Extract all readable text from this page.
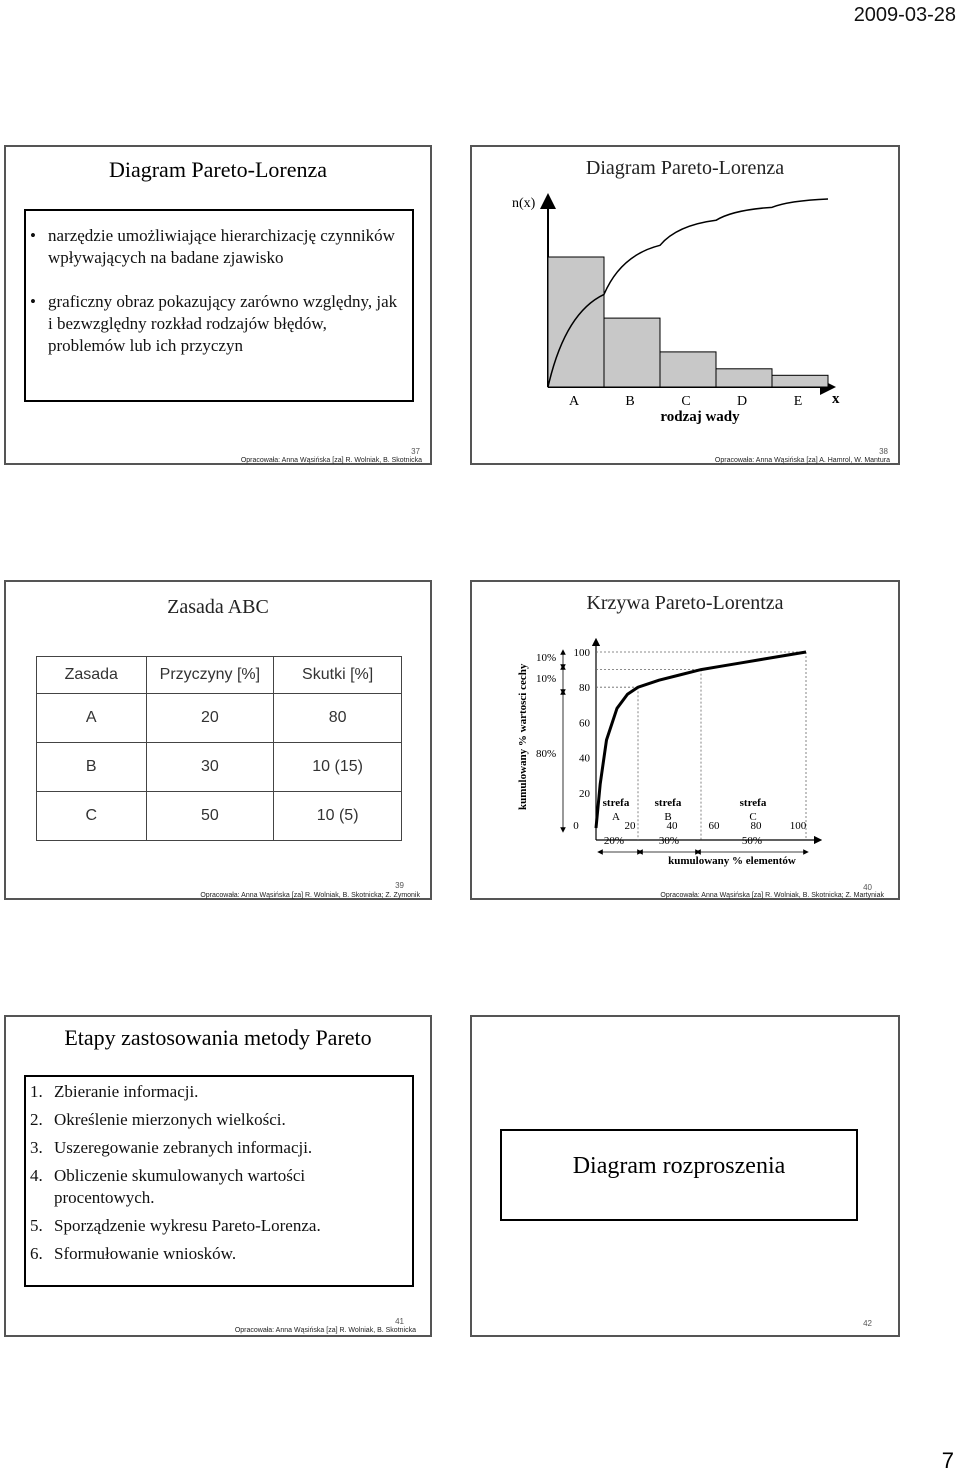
2009-03-28
Diagram Pareto-Lorenza
• narzędzie umożliwiające hierarchizację czynników wpływających na badane zjawisko
• graficzny obraz pokazujący zarówno względny, jak i bezwzględny rozkład rodzajów błędów, problemów lub ich przyczyn
37
Opracowała: Anna Wąsińska [za] R. Wolniak, B. Skotnicka
Diagram Pareto-Lorenza
A	B	C	D	E
n(x)
x
rodzaj wady
38
Opracowała: Anna Wąsińska [za] A. Hamrol, W. Mantura
Zasada ABC
Zasada	Przyczyny [%]	Skutki [%]
A	20	80
B	30	10 (15)
C	50	10 (5)
39
Opracowała: Anna Wąsińska [za] R. Wolniak, B. Skotnicka; Z. Zymonik
Krzywa Pareto-Lorentza
kumulowany % wartosci cechy
10%
10%
80%
20
40
60
80
100
0	20	40	60	80	100
strefa
A
strefa
B
strefa
C
20%	30%	50%
kumulowany % elementów
40
Opracowała: Anna Wąsińska [za] R. Wolniak, B. Skotnicka; Z. Martyniak
Etapy zastosowania metody Pareto
1. Zbieranie informacji.
2. Określenie mierzonych wielkości.
3. Uszeregowanie zebranych informacji.
4. Obliczenie skumulowanych wartości procentowych.
5. Sporządzenie wykresu Pareto-Lorenza.
6. Sformułowanie wniosków.
41
Opracowała: Anna Wąsińska [za] R. Wolniak, B. Skotnicka
Diagram rozproszenia
42
7
